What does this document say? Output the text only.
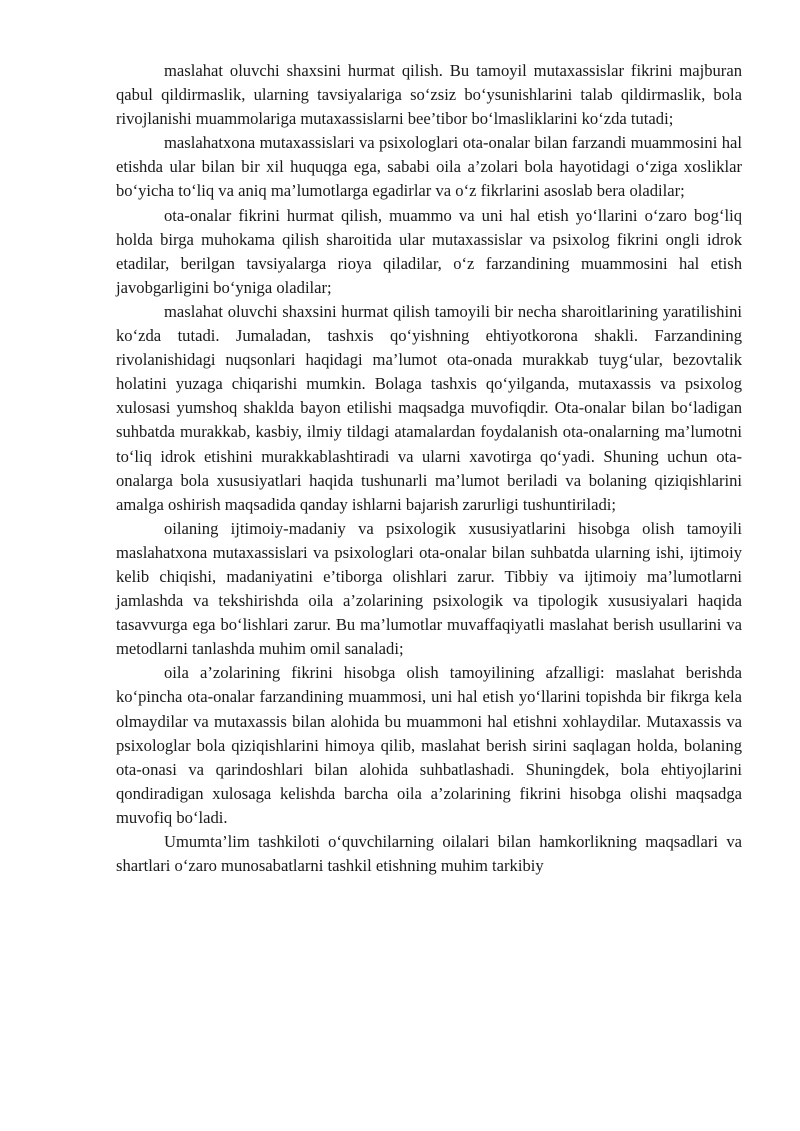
maslahat oluvchi shaxsini hurmat qilish. Bu tamoyil mutaxassislar fikrini majburan qabul qildirmaslik, ularning tavsiyalariga so‘zsiz bo‘ysunishlarini talab qildirmaslik, bola rivojlanishi muammolariga mutaxassislarni bee’tibor bo‘lmasliklarini ko‘zda tutadi;

maslahatxona mutaxassislari va psixologlari ota-onalar bilan farzandi muammosini hal etishda ular bilan bir xil huquqga ega, sababi oila a’zolari bola hayotidagi o‘ziga xosliklar bo‘yicha to‘liq va aniq ma’lumotlarga egadirlar va o‘z fikrlarini asoslab bera oladilar;

ota-onalar fikrini hurmat qilish, muammo va uni hal etish yo‘llarini o‘zaro bog‘liq holda birga muhokama qilish sharoitida ular mutaxassislar va psixolog fikrini ongli idrok etadilar, berilgan tavsiyalarga rioya qiladilar, o‘z farzandining muammosini hal etish javobgarligini bo‘yniga oladilar;

maslahat oluvchi shaxsini hurmat qilish tamoyili bir necha sharoitlarining yaratilishini ko‘zda tutadi. Jumaladan, tashxis qo‘yishning ehtiyotkorona shakli. Farzandining rivolanishidagi nuqsonlari haqidagi ma’lumot ota-onada murakkab tuyg‘ular, bezovtalik holatini yuzaga chiqarishi mumkin. Bolaga tashxis qo‘yilganda, mutaxassis va psixolog xulosasi yumshoq shaklda bayon etilishi maqsadga muvofiqdir. Ota-onalar bilan bo‘ladigan suhbatda murakkab, kasbiy, ilmiy tildagi atamalardan foydalanish ota-onalarning ma’lumotni to‘liq idrok etishini murakkablashtiradi va ularni xavotirga qo‘yadi. Shuning uchun ota-onalarga bola xususiyatlari haqida tushunarli ma’lumot beriladi va bolaning qiziqishlarini amalga oshirish maqsadida qanday ishlarni bajarish zarurligi tushuntiriladi;

oilaning ijtimoiy-madaniy va psixologik xususiyatlarini hisobga olish tamoyili maslahatxona mutaxassislari va psixologlari ota-onalar bilan suhbatda ularning ishi, ijtimoiy kelib chiqishi, madaniyatini e’tiborga olishlari zarur. Tibbiy va ijtimoiy ma’lumotlarni jamlashda va tekshirishda oila a’zolarining psixologik va tipologik xususiyalari haqida tasavvurga ega bo‘lishlari zarur. Bu ma’lumotlar muvaffaqiyatli maslahat berish usullarini va metodlarni tanlashda muhim omil sanaladi;

oila a’zolarining fikrini hisobga olish tamoyilining afzalligi: maslahat berishda ko‘pincha ota-onalar farzandining muammosi, uni hal etish yo‘llarini topishda bir fikrga kela olmaydilar va mutaxassis bilan alohida bu muammoni hal etishni xohlaydilar. Mutaxassis va psixologlar bola qiziqishlarini himoya qilib, maslahat berish sirini saqlagan holda, bolaning ota-onasi va qarindoshlari bilan alohida suhbatlashadi. Shuningdek, bola ehtiyojlarini qondiradigan xulosaga kelishda barcha oila a’zolarining fikrini hisobga olishi maqsadga muvofiq bo‘ladi.

Umumta’lim tashkiloti o‘quvchilarning oilalari bilan hamkorlikning maqsadlari va shartlari o‘zaro munosabatlarni tashkil etishning muhim tarkibiy
